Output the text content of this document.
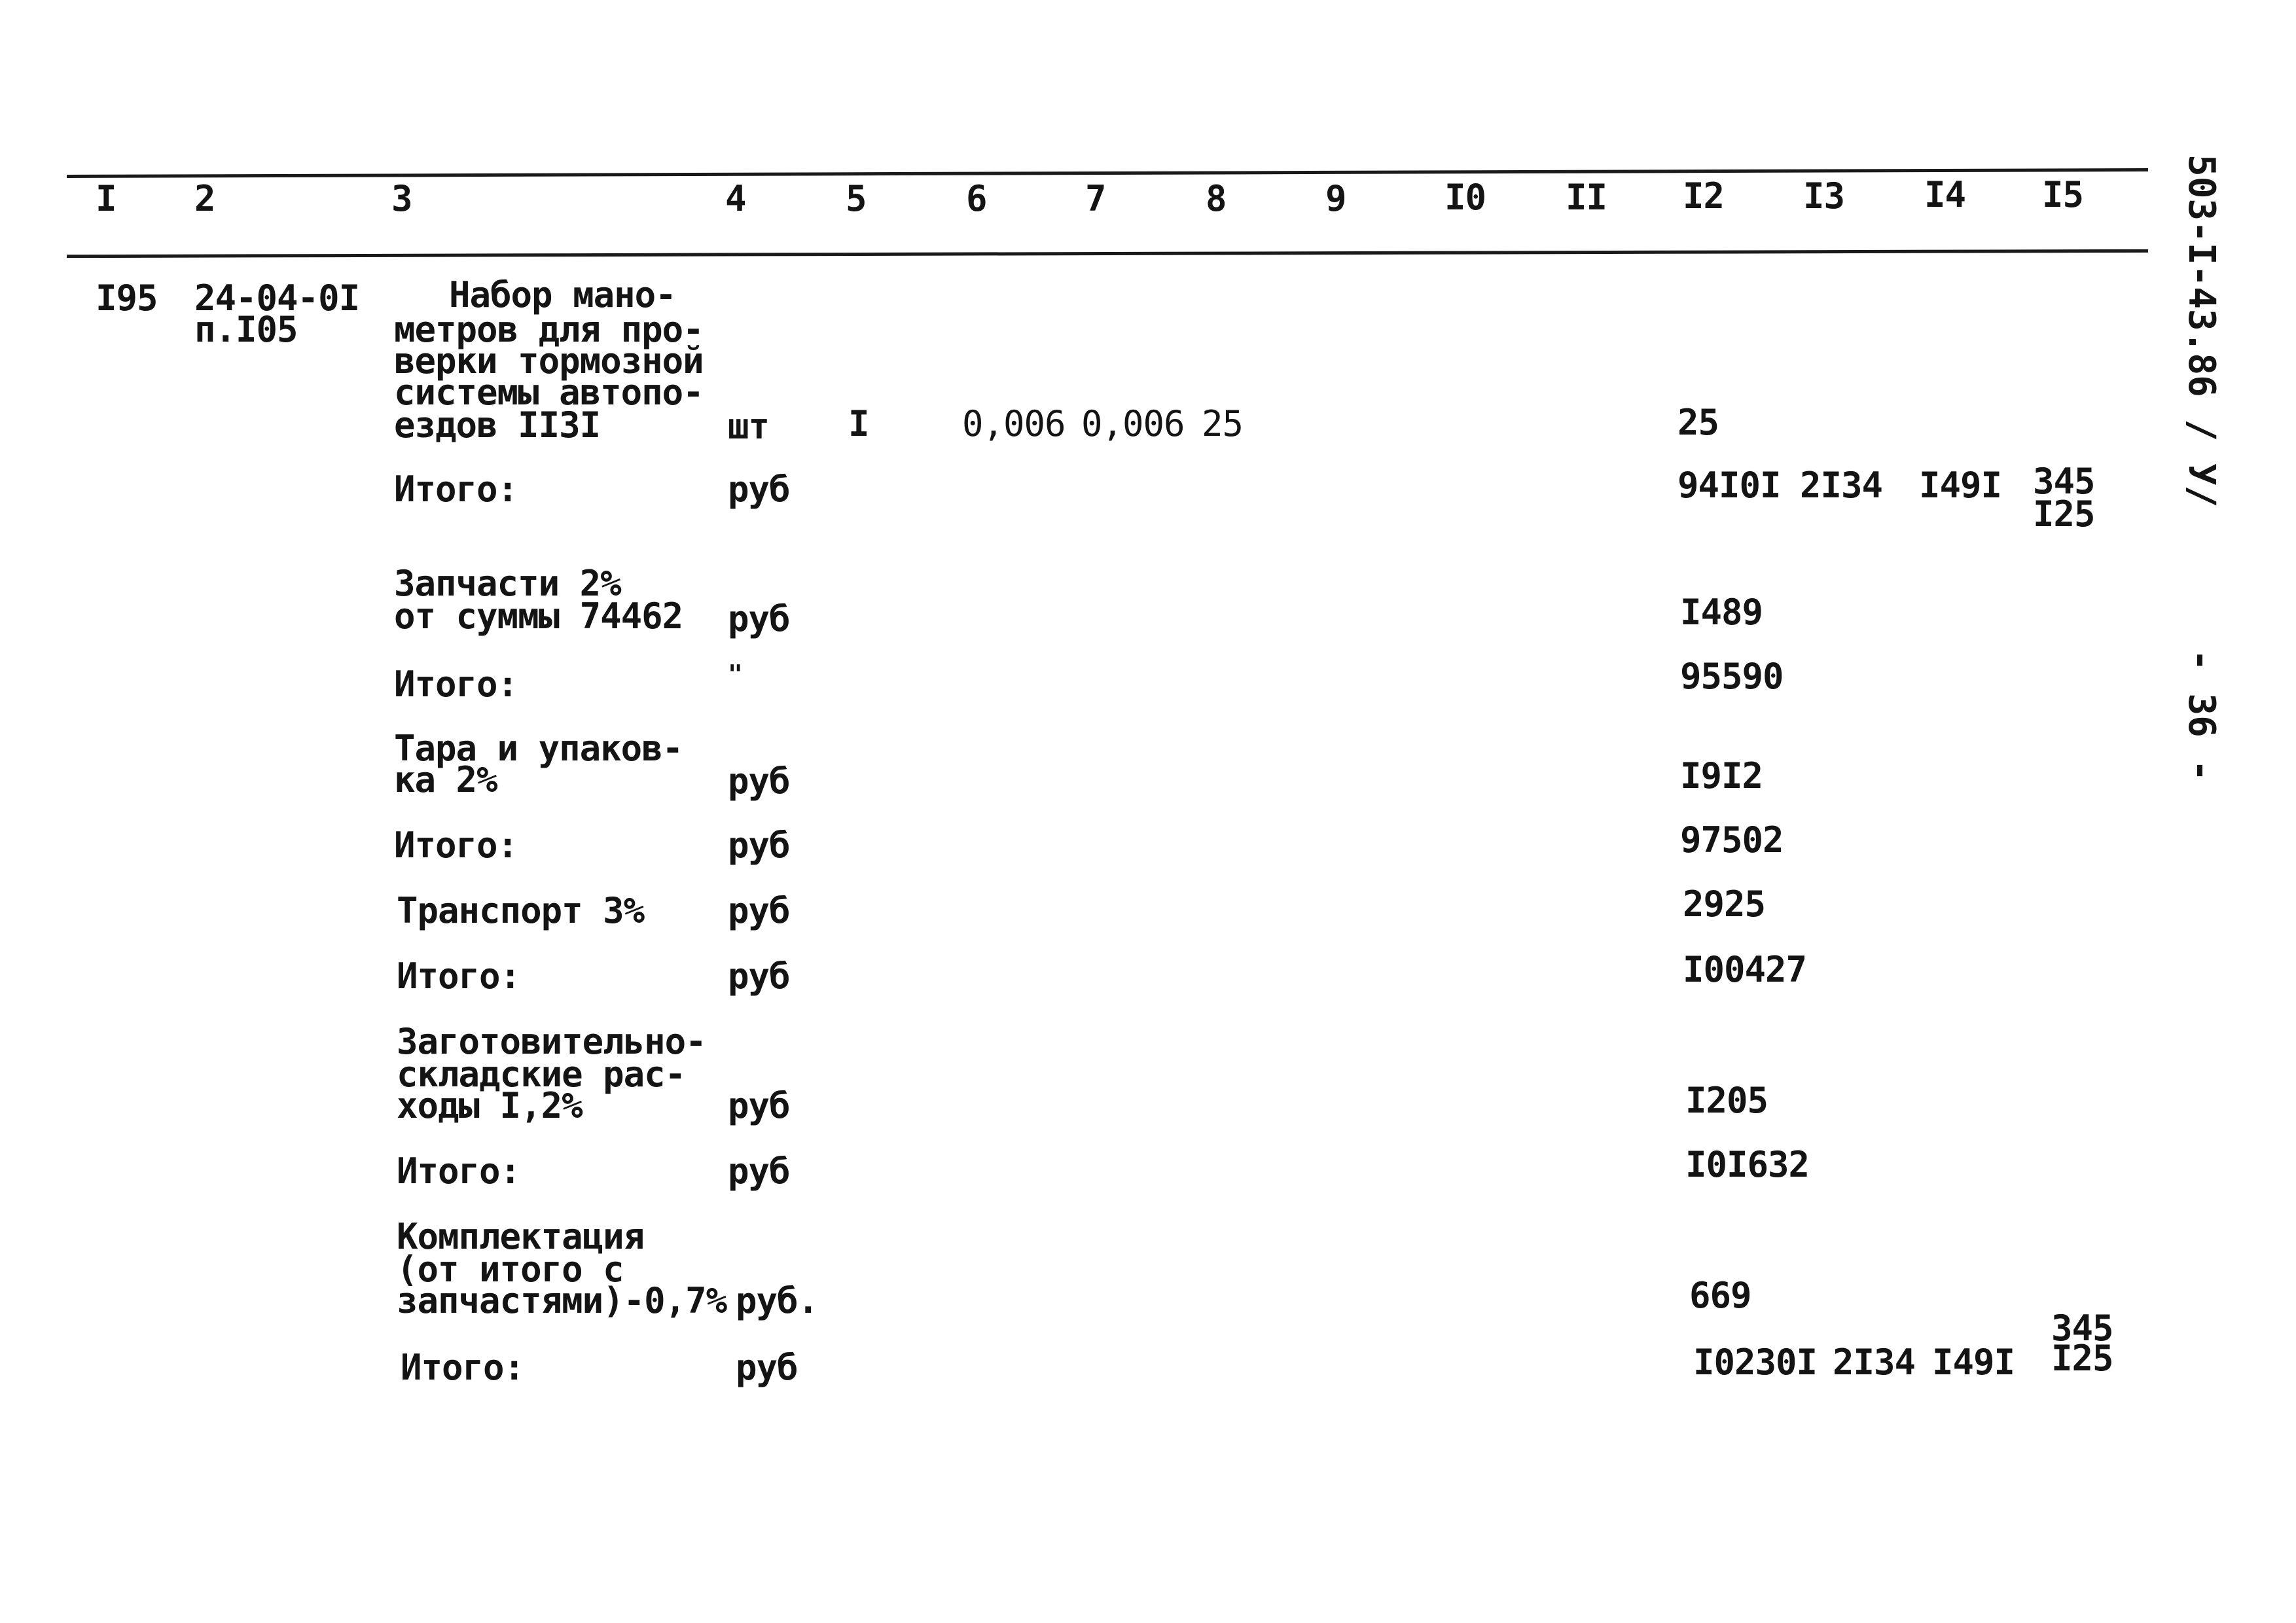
I 2	3	4	5	6	7	8	9	I0 II I2 I3 I4 I5
I95 24-04-0I
п.I05
Набор мано-
метров для про-
верки тормозной
системы автопо-
ездов II3I	шт I	0,006 0,006 25	25
Итого:	руб	94I0I 2I34 I49I 345
I25
Запчасти 2%
от суммы 74462 руб	I489
Итого:	"	95590
Тара и упаков-
ка 2%	руб	I9I2
Итого:	руб	97502
Транспорт 3% руб	2925
Итого:	руб	I00427
Заготовительно-
складские рас-
ходы I,2%	руб	I205
Итого:	руб	I0I632
Комплектация
(от итого с
запчастями)-0,7% руб.	669
Итого:	руб	I0230I 2I34 I49I
345
I25
503-I-43.86 / У/
- 36 -
